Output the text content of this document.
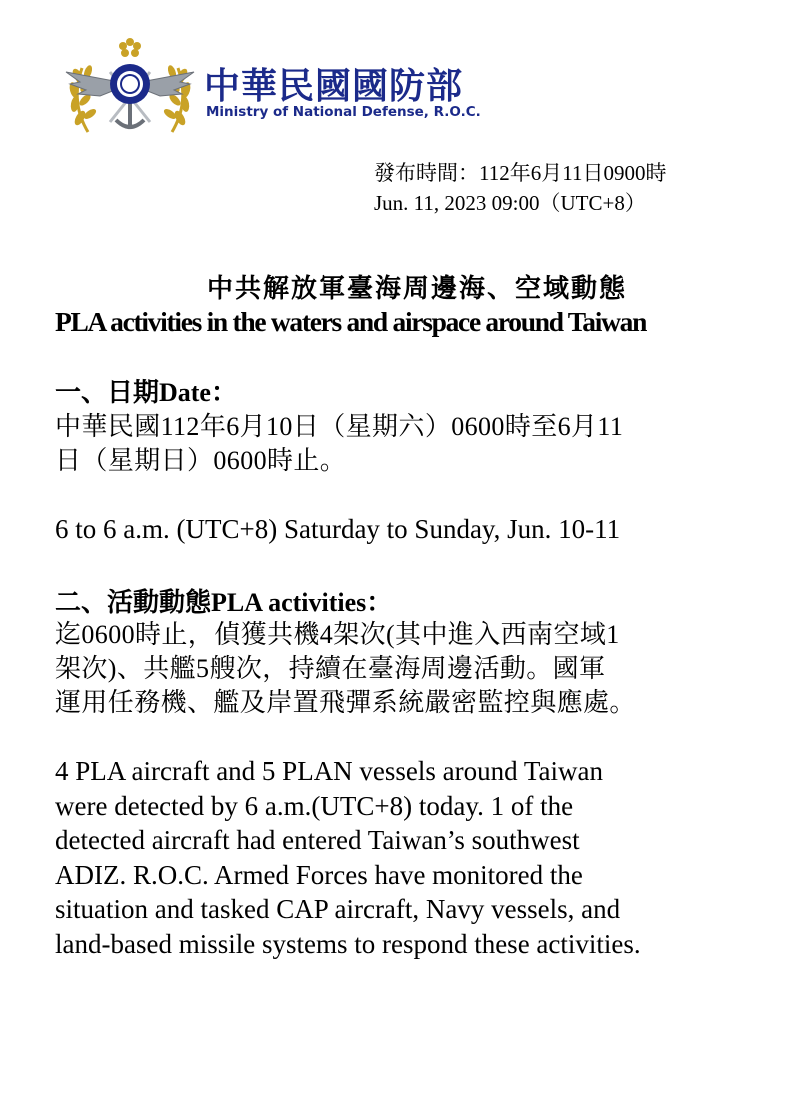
中華民國國防部
Ministry of National Defense, R.O.C.
發布時間：112年6月11日0900時
Jun. 11, 2023 09:00（UTC+8）
中共解放軍臺海周邊海、空域動態
PLA activities in the waters and airspace around Taiwan
一、日期Date：
中華民國112年6月10日（星期六）0600時至6月11
日（星期日）0600時止。
6 to 6 a.m. (UTC+8) Saturday to Sunday, Jun. 10-11
二、活動動態PLA activities：
迄0600時止，偵獲共機4架次(其中進入西南空域1
架次)、共艦5艘次，持續在臺海周邊活動。國軍
運用任務機、艦及岸置飛彈系統嚴密監控與應處。
4 PLA aircraft and 5 PLAN vessels around Taiwan
were detected by 6 a.m.(UTC+8) today. 1 of the
detected aircraft had entered Taiwan’s southwest
ADIZ. R.O.C. Armed Forces have monitored the
situation and tasked CAP aircraft, Navy vessels, and
land-based missile systems to respond these activities.
